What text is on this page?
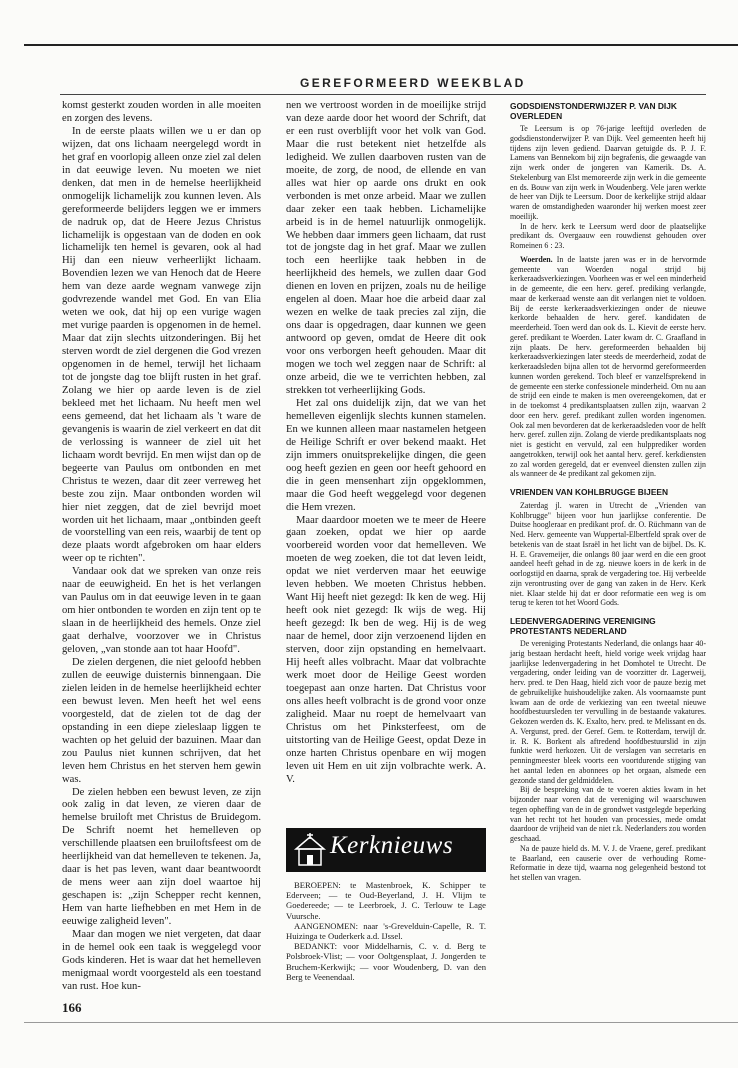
GEREFORMEERD WEEKBLAD

komst gesterkt zouden worden in alle moeiten en zorgen des levens.

In de eerste plaats willen we u er dan op wijzen, dat ons lichaam neergelegd wordt in het graf en voorlopig alleen onze ziel zal delen in dat eeuwige leven. Nu moeten we niet denken, dat men in de hemelse heerlijkheid onmogelijk lichamelijk zou kunnen leven. Als gereformeerde belijders leggen we er immers de nadruk op, dat de Heere Jezus Christus lichamelijk is opgestaan van de doden en ook lichamelijk ten hemel is gevaren, ook al had Hij dan een nieuw verheerlijkt lichaam. Bovendien lezen we van Henoch dat de Heere hem van deze aarde wegnam vanwege zijn godvrezende wandel met God. En van Elia weten we ook, dat hij op een vurige wagen met vurige paarden is opgenomen in de hemel. Maar dat zijn slechts uitzonderingen. Bij het sterven wordt de ziel dergenen die God vrezen opgenomen in de hemel, terwijl het lichaam tot de jongste dag toe blijft rusten in het graf. Zolang we hier op aarde leven is de ziel bekleed met het lichaam. Nu heeft men wel eens gemeend, dat het lichaam als 't ware de gevangenis is waarin de ziel verkeert en dat dit de verlossing is wanneer de ziel uit het lichaam wordt bevrijd. En men wijst dan op de begeerte van Paulus om ontbonden en met Christus te wezen, daar dit zeer verreweg het beste zou zijn. Maar ontbonden worden wil hier niet zeggen, dat de ziel bevrijd moet worden uit het lichaam, maar „ontbinden geeft de voorstelling van een reis, waarbij de tent op deze plaats wordt afgebroken om haar elders weer op te richten".

Vandaar ook dat we spreken van onze reis naar de eeuwigheid. En het is het verlangen van Paulus om in dat eeuwige leven in te gaan om hier ontbonden te worden en zijn tent op te slaan in de heerlijkheid des hemels. Onze ziel gaat derhalve, voorzover we in Christus geloven, „van stonde aan tot haar Hoofd".

De zielen dergenen, die niet geloofd hebben zullen de eeuwige duisternis binnengaan. Die zielen leiden in de hemelse heerlijkheid echter een bewust leven. Men heeft het wel eens voorgesteld, dat de zielen tot de dag der opstanding in een diepe zieleslaap liggen te wachten op het geluid der bazuinen. Maar dan zou Paulus niet kunnen schrijven, dat het leven hem Christus en het sterven hem gewin was.

De zielen hebben een bewust leven, ze zijn ook zalig in dat leven, ze vieren daar de hemelse bruiloft met Christus de Bruidegom. De Schrift noemt het hemelleven op verschillende plaatsen een bruiloftsfeest om de heerlijkheid van dat hemelleven te tekenen. Ja, daar is het pas leven, want daar beantwoordt de mens weer aan zijn doel waartoe hij geschapen is: „zijn Schepper recht kennen, Hem van harte liefhebben en met Hem in de eeuwige zaligheid leven".

Maar dan mogen we niet vergeten, dat daar in de hemel ook een taak is weggelegd voor Gods kinderen. Het is waar dat het hemelleven menigmaal wordt voorgesteld als een toestand van rust. Hoe kun-

nen we vertroost worden in de moeilijke strijd van deze aarde door het woord der Schrift, dat er een rust overblijft voor het volk van God. Maar die rust betekent niet hetzelfde als ledigheid. We zullen daarboven rusten van de moeite, de zorg, de nood, de ellende en van alles wat hier op aarde ons drukt en ook verbonden is met onze arbeid. Maar we zullen daar zeker een taak hebben. Lichamelijke arbeid is in de hemel natuurlijk onmogelijk. We hebben daar immers geen lichaam, dat rust tot de jongste dag in het graf. Maar we zullen toch een heerlijke taak hebben in de heerlijkheid des hemels, we zullen daar God dienen en loven en prijzen, zoals nu de heilige engelen al doen. Maar hoe die arbeid daar zal wezen en welke de taak precies zal zijn, die ons daar is opgedragen, daar kunnen we geen antwoord op geven, omdat de Heere dit ook voor ons verborgen heeft gehouden. Maar dit mogen we toch wel zeggen naar de Schrift: al onze arbeid, die we te verrichten hebben, zal strekken tot verheerlijking Gods.

Het zal ons duidelijk zijn, dat we van het hemelleven eigenlijk slechts kunnen stamelen. En we kunnen alleen maar nastamelen hetgeen de Heilige Schrift er over bekend maakt. Het zijn immers onuitsprekelijke dingen, die geen oog heeft gezien en geen oor heeft gehoord en die in geen mensenhart zijn opgeklommen, maar die God heeft weggelegd voor degenen die Hem vrezen.

Maar daardoor moeten we te meer de Heere gaan zoeken, opdat we hier op aarde voorbereid worden voor dat hemelleven. We moeten de weg zoeken, die tot dat leven leidt, opdat we niet verderven maar het eeuwige leven hebben. We moeten Christus hebben. Want Hij heeft niet gezegd: Ik ken de weg. Hij heeft ook niet gezegd: Ik wijs de weg. Hij heeft gezegd: Ik ben de weg. Hij is de weg naar de hemel, door zijn verzoenend lijden en sterven, door zijn opstanding en hemelvaart. Hij heeft alles volbracht. Maar dat volbrachte werk moet door de Heilige Geest worden toegepast aan onze harten. Dat Christus voor ons alles heeft volbracht is de grond voor onze zaligheid. Maar nu roept de hemelvaart van Christus om het Pinksterfeest, om de uitstorting van de Heilige Geest, opdat Deze in onze harten Christus openbare en wij mogen leven uit Hem en uit zijn volbrachte werk. A. V.

Kerknieuws

BEROEPEN: te Mastenbroek, K. Schipper te Ederveen; — te Oud-Beyerland, J. H. Vlijm te Goedereede; — te Leerbroek, J. C. Terlouw te Lage Vuursche.

AANGENOMEN: naar 's-Grevelduin-Capelle, R. T. Huizinga te Ouderkerk a.d. IJssel.

BEDANKT: voor Middelharnis, C. v. d. Berg te Polsbroek-Vlist; — voor Ooltgensplaat, J. Jongerden te Bruchem-Kerkwijk; — voor Woudenberg, D. van den Berg te Veenendaal.

GODSDIENSTONDERWIJZER P. VAN DIJK OVERLEDEN

Te Leersum is op 76-jarige leeftijd overleden de godsdienstonderwijzer P. van Dijk. Veel gemeenten heeft hij tijdens zijn leven gediend. Daarvan getuigde ds. P. J. F. Lamens van Bennekom bij zijn begrafenis, die gewaagde van zijn werk onder de jongeren van Kamerik. Ds. A. Stekelenburg van Elst memoreerde zijn werk in die gemeente en ds. Bouw van zijn werk in Woudenberg. Vele jaren werkte de heer van Dijk te Leersum. Door de kerkelijke strijd aldaar waren de omstandigheden waaronder hij werken moest zeer moeilijk.

In de herv. kerk te Leersum werd door de plaatselijke predikant ds. Overgaauw een rouwdienst gehouden over Romeinen 6 : 23.

Woerden. In de laatste jaren was er in de hervormde gemeente van Woerden nogal strijd bij kerkeraadsverkiezingen. Voorheen was er wel een minderheid in de gemeente, die een herv. geref. prediking verlangde, maar de kerkeraad wenste aan dit verlangen niet te voldoen. Bij de eerste kerkeraadsverkiezingen onder de nieuwe kerkorde behaalden de herv. geref. kandidaten de meerderheid. Toen werd dan ook ds. L. Kievit de eerste herv. geref. predikant te Woerden. Later kwam dr. C. Graafland in zijn plaats. De herv. gereformeerden behaalden bij kerkeraadsverkiezingen later steeds de meerderheid, zodat de kerkeraadsleden bijna allen tot de hervormd gereformeerden kunnen worden gerekend. Toch bleef er vanzelfsprekend in de gemeente een sterke confessionele minderheid. Om nu aan de strijd een einde te maken is men overeengekomen, dat er in de toekomst 4 predikantsplaatsen zullen zijn, waarvan 2 door een herv. geref. predikant zullen worden ingenomen. Ook zal men bevorderen dat de kerkeraadsleden voor de helft herv. geref. zullen zijn. Zolang de vierde predikantsplaats nog niet is gesticht en vervuld, zal een hulpprediker worden aangetrokken, terwijl ook het aantal herv. geref. kerkdiensten zo zal worden geregeld, dat er evenveel diensten zullen zijn als wanneer de 4e predikant zal gekomen zijn.

VRIENDEN VAN KOHLBRUGGE BIJEEN

Zaterdag jl. waren in Utrecht de „Vrienden van Kohlbrugge" bijeen voor hun jaarlijkse conferentie. De Duitse hoogleraar en predikant prof. dr. O. Rüchmann van de Ned. Herv. gemeente van Wuppertal-Elbertfeld sprak over de betekenis van de staat Israël in het licht van de bijbel. Ds. K. H. E. Gravemeijer, die onlangs 80 jaar werd en die een groot aandeel heeft gehad in de zg. nieuwe koers in de kerk in de oorlogstijd en daarna, sprak de vergadering toe. Hij verbeelde zijn verontrusting over de gang van zaken in de Herv. Kerk niet. Klaar stelde hij dat er door reformatie een weg is om terug te keren tot het Woord Gods.

LEDENVERGADERING VERENIGING PROTESTANTS NEDERLAND

De vereniging Protestants Nederland, die onlangs haar 40-jarig bestaan herdacht heeft, hield vorige week vrijdag haar jaarlijkse ledenvergadering in het Domhotel te Utrecht. De vergadering, onder leiding van de voorzitter dr. Lagerweij, herv. pred. te Den Haag, hield zich voor de pauze bezig met de gebruikelijke huishoudelijke zaken. Als voornaamste punt kwam aan de orde de verkiezing van een tweetal nieuwe hoofdbestuursleden ter vervulling in de bestaande vakatures. Gekozen werden ds. K. Exalto, herv. pred. te Melissant en ds. A. Vergunst, pred. der Geref. Gem. te Rotterdam, terwijl dr. ir. R. K. Borkent als aftredend hoofdbestuurslid in zijn funktie werd herkozen. Uit de verslagen van secretaris en penningmeester bleek voorts een voortdurende stijging van het aantal leden en abonnees op het orgaan, alsmede een gezonde stand der geldmiddelen.

Bij de bespreking van de te voeren akties kwam in het bijzonder naar voren dat de vereniging wil waarschuwen tegen opheffing van de in de grondwet vastgelegde beperking van het recht tot het houden van processies, mede omdat daardoor de vrijheid van de niet r.k. Nederlanders zou worden geschaad.

Na de pauze hield ds. M. V. J. de Vraene, geref. predikant te Baarland, een causerie over de verhouding Rome-Reformatie in deze tijd, waarna nog gelegenheid bestond tot het stellen van vragen.

166
